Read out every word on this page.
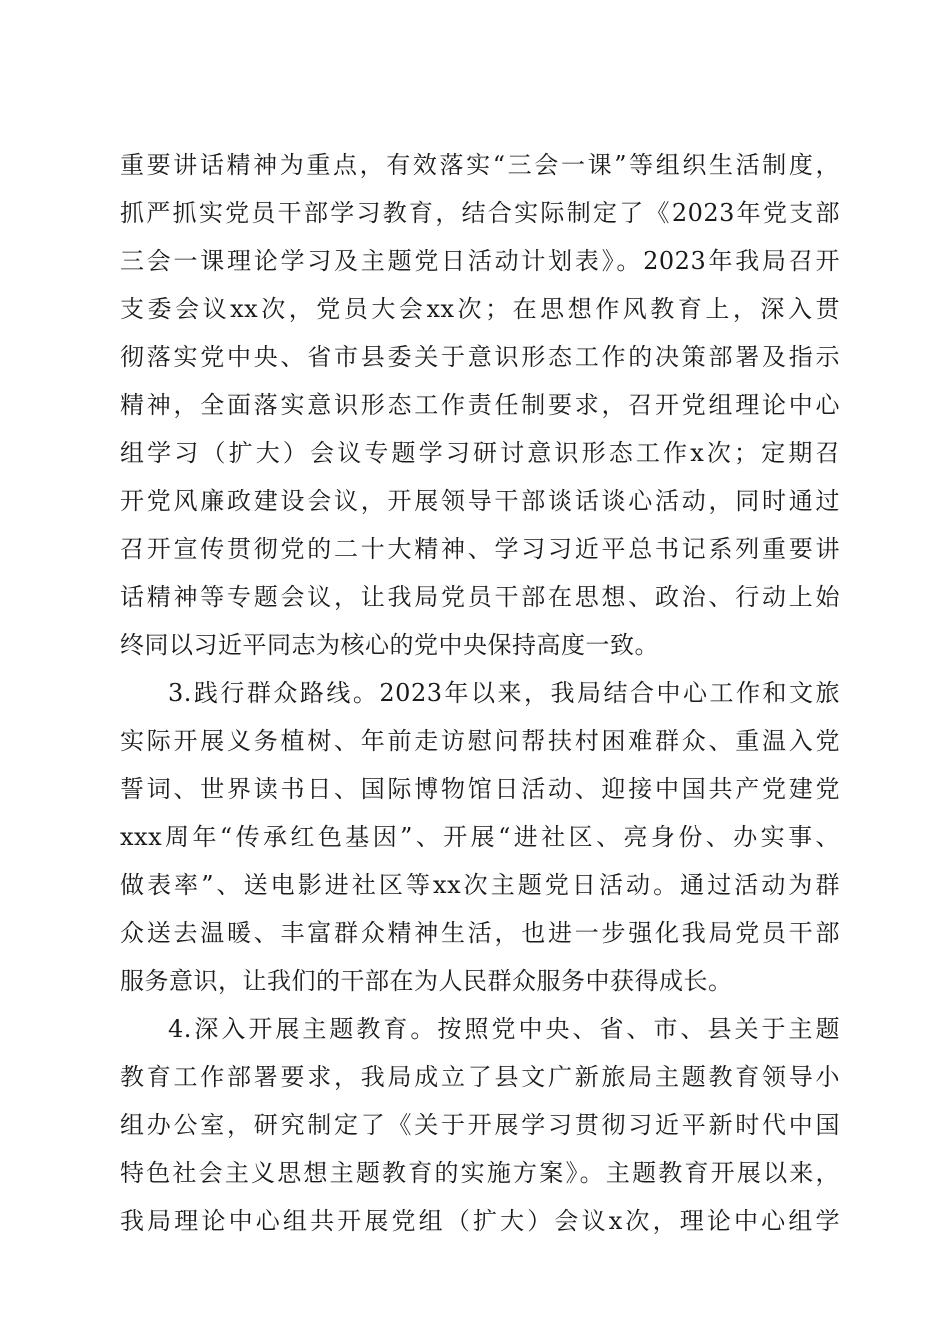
重要讲话精神为重点，有效落实“三会一课”等组织生活制度，
抓严抓实党员干部学习教育，结合实际制定了《2023年党支部
三会一课理论学习及主题党日活动计划表》。2023年我局召开
支委会议xx次，党员大会xx次；在思想作风教育上，深入贯
彻落实党中央、省市县委关于意识形态工作的决策部署及指示
精神，全面落实意识形态工作责任制要求，召开党组理论中心
组学习（扩大）会议专题学习研讨意识形态工作x次；定期召
开党风廉政建设会议，开展领导干部谈话谈心活动，同时通过
召开宣传贯彻党的二十大精神、学习习近平总书记系列重要讲
话精神等专题会议，让我局党员干部在思想、政治、行动上始
终同以习近平同志为核心的党中央保持高度一致。
3.践行群众路线。2023年以来，我局结合中心工作和文旅
实际开展义务植树、年前走访慰问帮扶村困难群众、重温入党
誓词、世界读书日、国际博物馆日活动、迎接中国共产党建党
xxx周年“传承红色基因”、开展“进社区、亮身份、办实事、
做表率”、送电影进社区等xx次主题党日活动。通过活动为群
众送去温暖、丰富群众精神生活，也进一步强化我局党员干部
服务意识，让我们的干部在为人民群众服务中获得成长。
4.深入开展主题教育。按照党中央、省、市、县关于主题
教育工作部署要求，我局成立了县文广新旅局主题教育领导小
组办公室，研究制定了《关于开展学习贯彻习近平新时代中国
特色社会主义思想主题教育的实施方案》。主题教育开展以来，
我局理论中心组共开展党组（扩大）会议x次，理论中心组学
